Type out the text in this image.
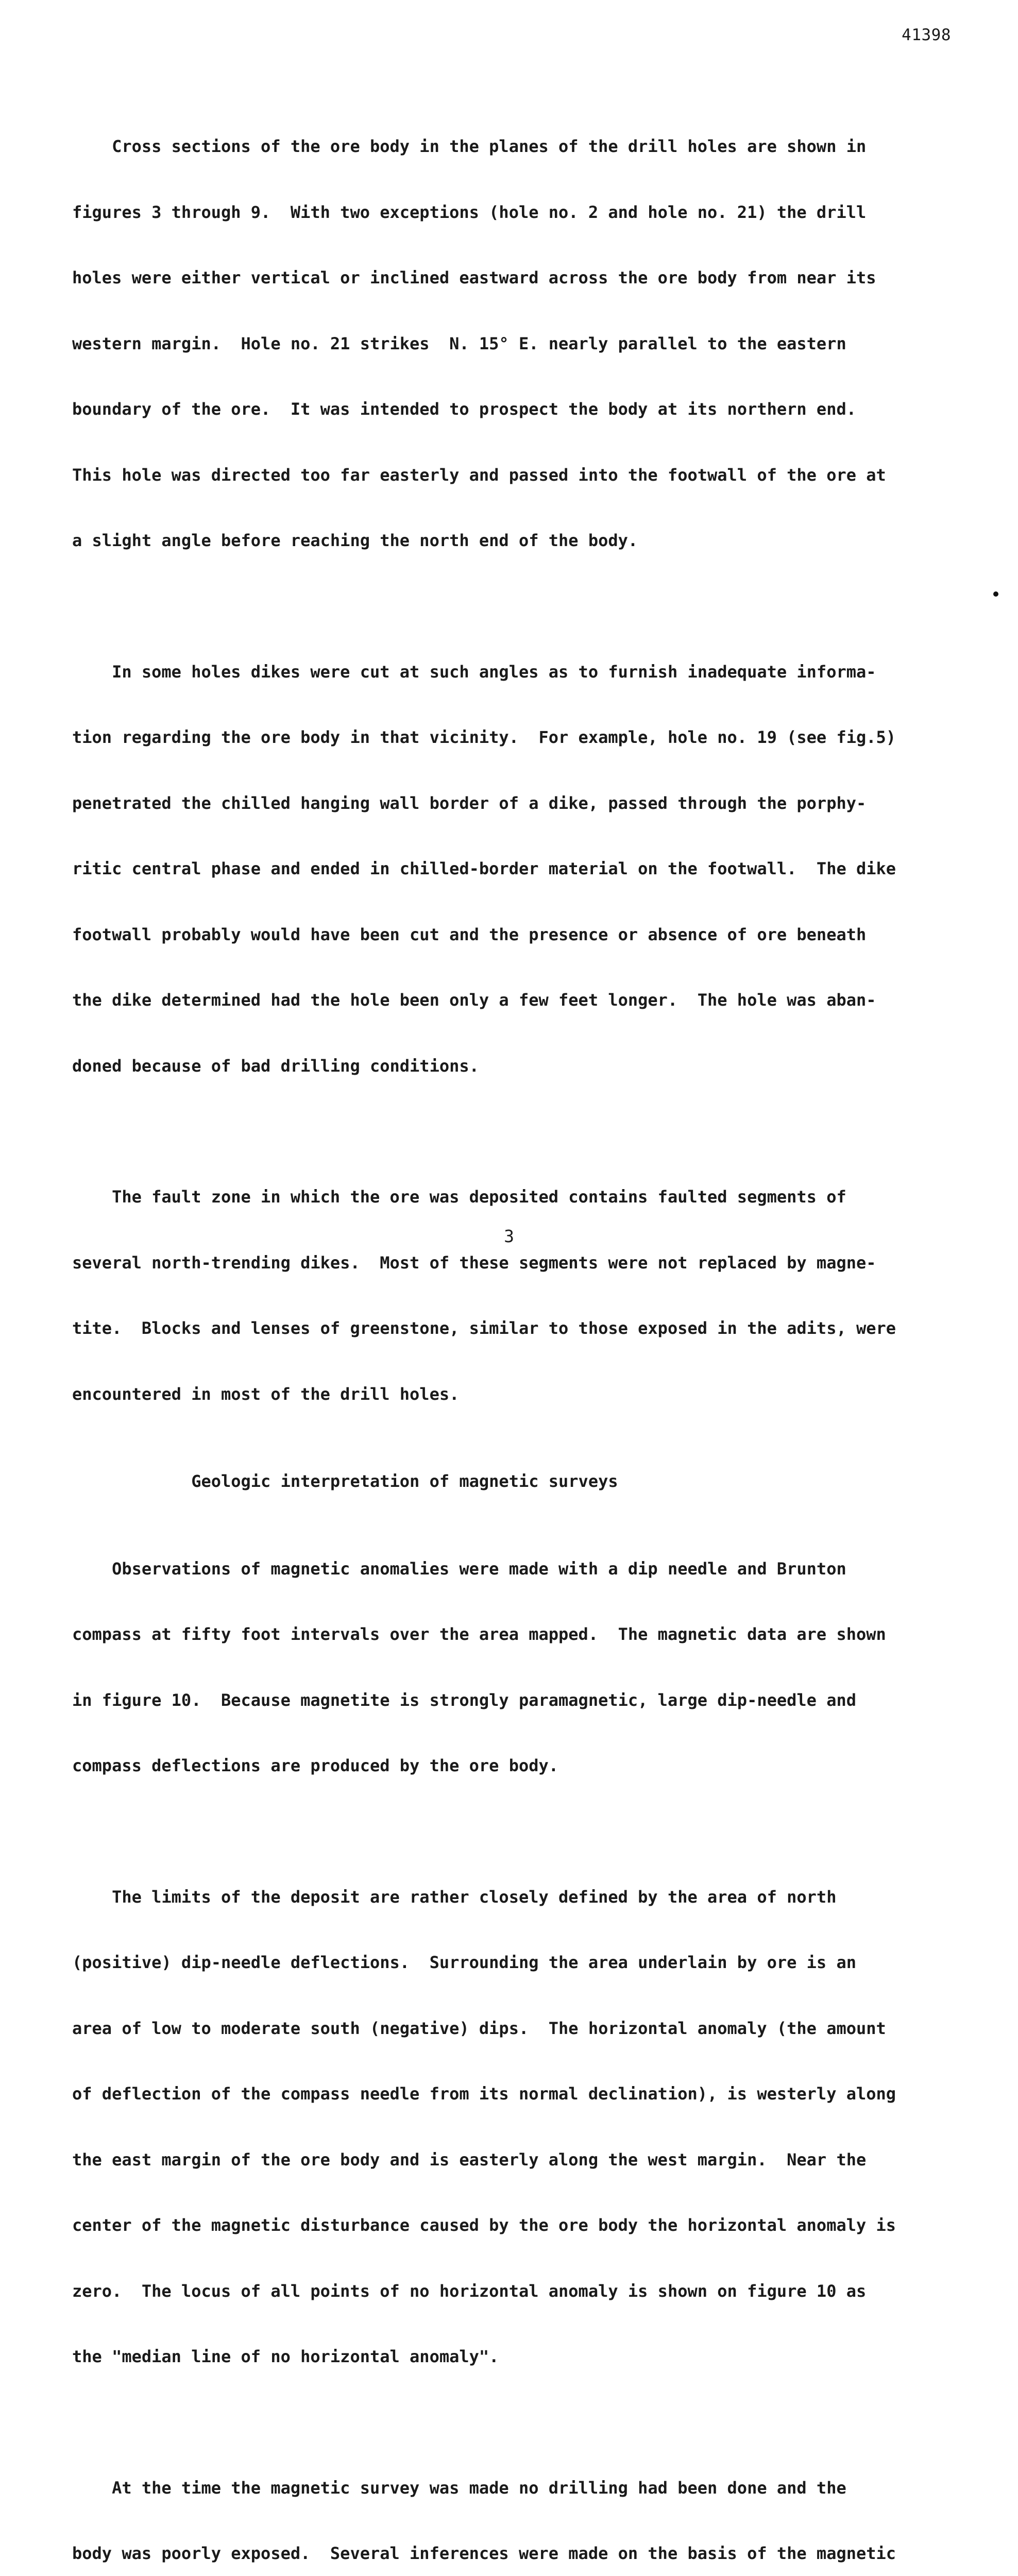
41398

Cross sections of the ore body in the planes of the drill holes are shown in

figures 3 through 9.  With two exceptions (hole no. 2 and hole no. 21) the drill

holes were either vertical or inclined eastward across the ore body from near its

western margin.  Hole no. 21 strikes  N. 15° E. nearly parallel to the eastern

boundary of the ore.  It was intended to prospect the body at its northern end.

This hole was directed too far easterly and passed into the footwall of the ore at

a slight angle before reaching the north end of the body.

In some holes dikes were cut at such angles as to furnish inadequate informa-

tion regarding the ore body in that vicinity.  For example, hole no. 19 (see fig.5)

penetrated the chilled hanging wall border of a dike, passed through the porphy-

ritic central phase and ended in chilled-border material on the footwall.  The dike

footwall probably would have been cut and the presence or absence of ore beneath

the dike determined had the hole been only a few feet longer.  The hole was aban-

doned because of bad drilling conditions.

The fault zone in which the ore was deposited contains faulted segments of

several north-trending dikes.  Most of these segments were not replaced by magne-

tite.  Blocks and lenses of greenstone, similar to those exposed in the adits, were

encountered in most of the drill holes.

Geologic interpretation of magnetic surveys

Observations of magnetic anomalies were made with a dip needle and Brunton

compass at fifty foot intervals over the area mapped.  The magnetic data are shown

in figure 10.  Because magnetite is strongly paramagnetic, large dip-needle and

compass deflections are produced by the ore body.

The limits of the deposit are rather closely defined by the area of north

(positive) dip-needle deflections.  Surrounding the area underlain by ore is an

area of low to moderate south (negative) dips.  The horizontal anomaly (the amount

of deflection of the compass needle from its normal declination), is westerly along

the east margin of the ore body and is easterly along the west margin.  Near the

center of the magnetic disturbance caused by the ore body the horizontal anomaly is

zero.  The locus of all points of no horizontal anomaly is shown on figure 10 as

the "median line of no horizontal anomaly".

At the time the magnetic survey was made no drilling had been done and the

body was poorly exposed.  Several inferences were made on the basis of the magnetic

3
